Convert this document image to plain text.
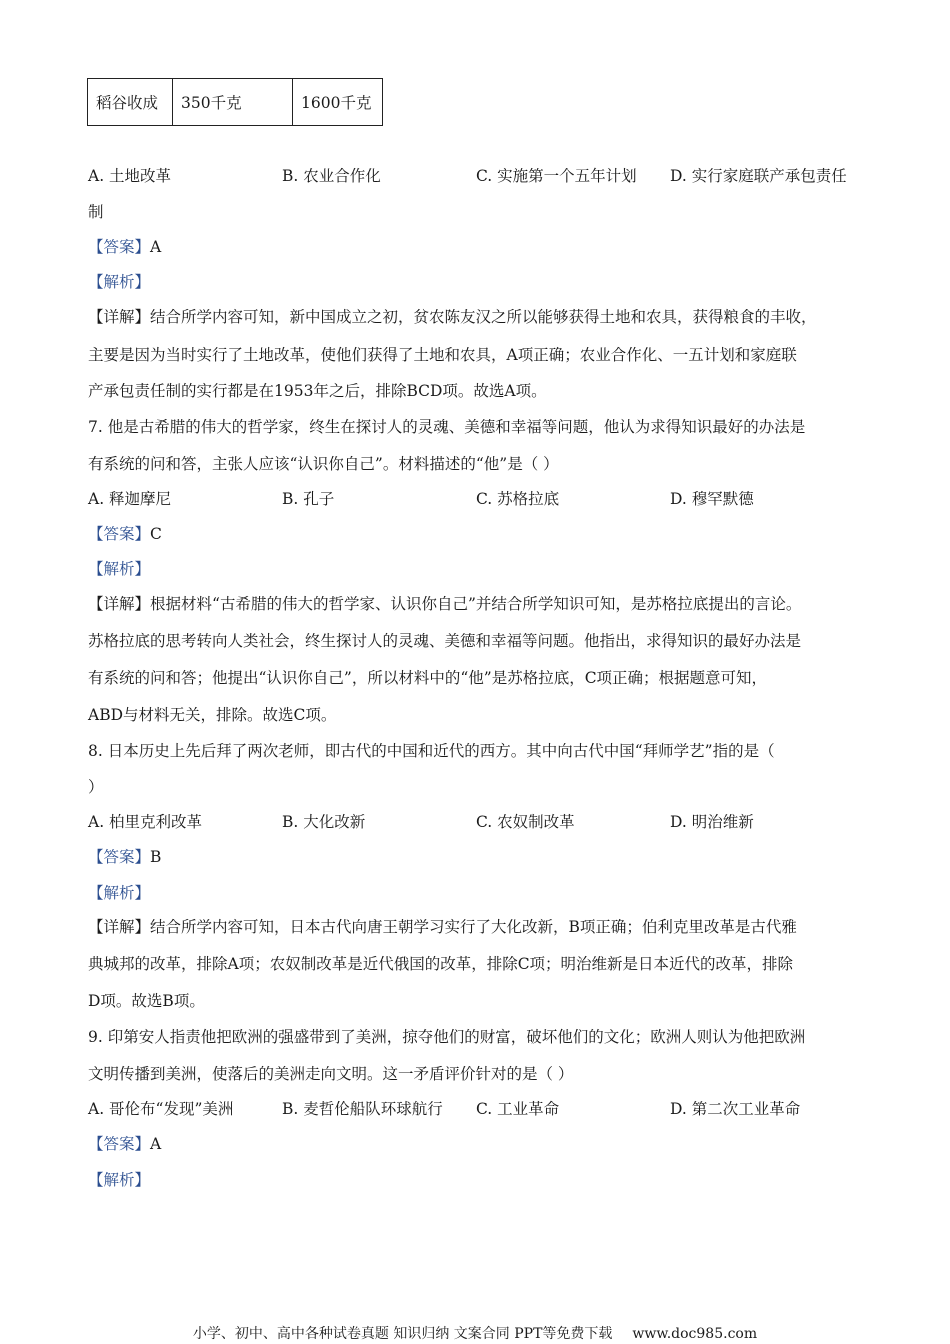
稻谷收成	350千克	1600千克
A. 土地改革	B. 农业合作化	C. 实施第一个五年计划 D. 实行家庭联产承包责任
制
【答案】A
【解析】
【详解】结合所学内容可知，新中国成立之初，贫农陈友汉之所以能够获得土地和农具，获得粮食的丰收，
主要是因为当时实行了土地改革，使他们获得了土地和农具，A项正确；农业合作化、一五计划和家庭联
产承包责任制的实行都是在1953年之后，排除BCD项。故选A项。
7. 他是古希腊的伟大的哲学家，终生在探讨人的灵魂、美德和幸福等问题，他认为求得知识最好的办法是
有系统的问和答，主张人应该“认识你自己”。材料描述的“他”是（ ）
A. 释迦摩尼	B. 孔子	C. 苏格拉底	D. 穆罕默德
【答案】C
【解析】
【详解】根据材料“古希腊的伟大的哲学家、认识你自己”并结合所学知识可知，是苏格拉底提出的言论。
苏格拉底的思考转向人类社会，终生探讨人的灵魂、美德和幸福等问题。他指出，求得知识的最好办法是
有系统的问和答；他提出“认识你自己”，所以材料中的“他”是苏格拉底，C项正确；根据题意可知，
ABD与材料无关，排除。故选C项。
8. 日本历史上先后拜了两次老师，即古代的中国和近代的西方。其中向古代中国“拜师学艺”指的是（
）
A. 柏里克利改革	B. 大化改新	C. 农奴制改革	D. 明治维新
【答案】B
【解析】
【详解】结合所学内容可知，日本古代向唐王朝学习实行了大化改新，B项正确；伯利克里改革是古代雅
典城邦的改革，排除A项；农奴制改革是近代俄国的改革，排除C项；明治维新是日本近代的改革，排除
D项。故选B项。
9. 印第安人指责他把欧洲的强盛带到了美洲，掠夺他们的财富，破坏他们的文化；欧洲人则认为他把欧洲
文明传播到美洲，使落后的美洲走向文明。这一矛盾评价针对的是（ ）
A. 哥伦布“发现”美洲	B. 麦哲伦船队环球航行 C. 工业革命	D. 第二次工业革命
【答案】A
【解析】
小学、初中、高中各种试卷真题 知识归纳 文案合同 PPT等免费下载 www.doc985.com
